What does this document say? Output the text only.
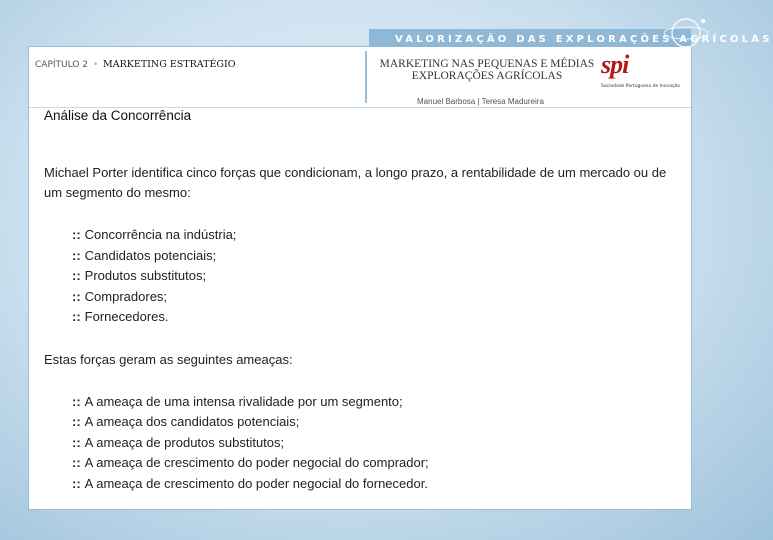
VALORIZAÇÃO DAS EXPLORAÇÕES AGRÍCOLAS
CAPÍTULO 2 • MARKETING ESTRATÉGIO	MARKETING NAS PEQUENAS E MÉDIAS
EXPLORAÇÕES AGRÍCOLAS	spi
Sociedade Portuguesa de Inovação
Manuel Barbosa | Teresa Madureira
Análise da Concorrência

Michael Porter identifica cinco forças que condicionam, a longo prazo, a rentabilidade de um mercado ou de um segmento do mesmo:

:: Concorrência na indústria;
:: Candidatos potenciais;
:: Produtos substitutos;
:: Compradores;
:: Fornecedores.

Estas forças geram as seguintes ameaças:

:: A ameaça de uma intensa rivalidade por um segmento;
:: A ameaça dos candidatos potenciais;
:: A ameaça de produtos substitutos;
:: A ameaça de crescimento do poder negocial do comprador;
:: A ameaça de crescimento do poder negocial do fornecedor.
